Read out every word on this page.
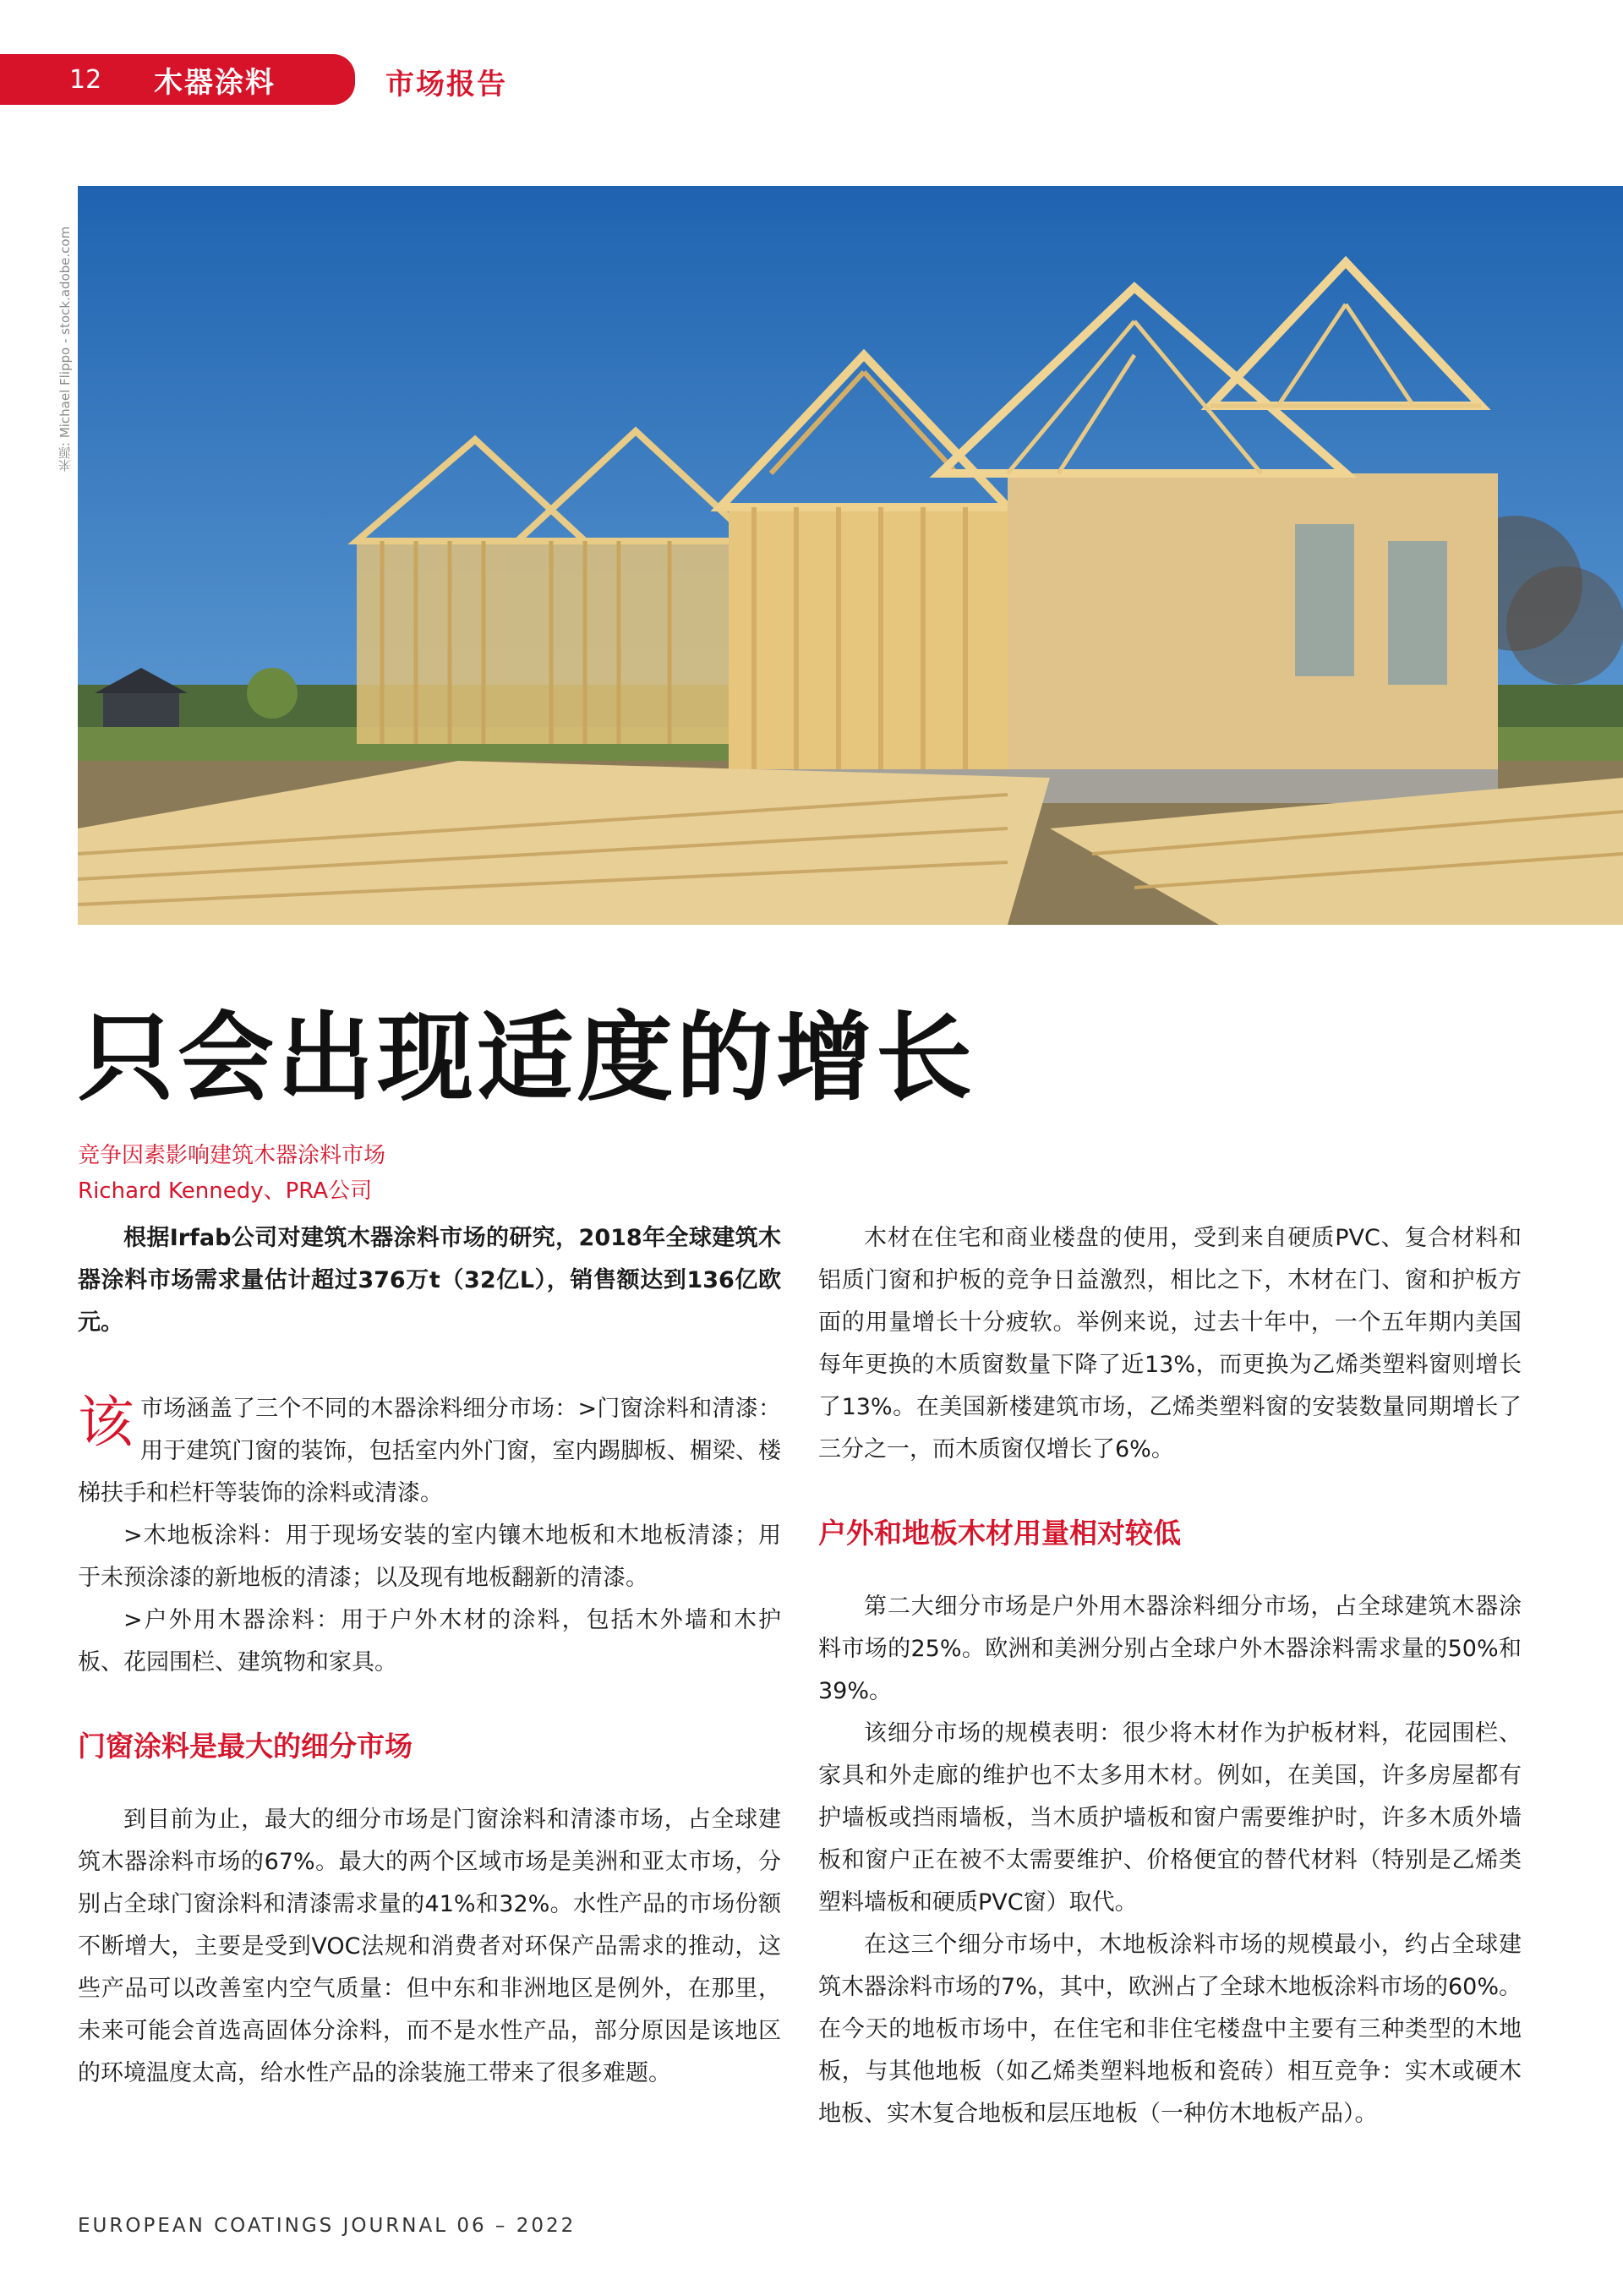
12	木器涂料	市场报告
来源: Michael Flippo - stock.adobe.com
只会出现适度的增长
竞争因素影响建筑木器涂料市场
Richard Kennedy、PRA公司

根据Irfab公司对建筑木器涂料市场的研究，2018年全球建筑木器涂料市场需求量估计超过376万t（32亿L），销售额达到136亿欧元。

该市场涵盖了三个不同的木器涂料细分市场：>门窗涂料和清漆：用于建筑门窗的装饰，包括室内外门窗，室内踢脚板、楣梁、楼梯扶手和栏杆等装饰的涂料或清漆。

>木地板涂料：用于现场安装的室内镶木地板和木地板清漆；用于未预涂漆的新地板的清漆；以及现有地板翻新的清漆。

>户外用木器涂料：用于户外木材的涂料，包括木外墙和木护板、花园围栏、建筑物和家具。

门窗涂料是最大的细分市场

到目前为止，最大的细分市场是门窗涂料和清漆市场，占全球建筑木器涂料市场的67%。最大的两个区域市场是美洲和亚太市场，分别占全球门窗涂料和清漆需求量的41%和32%。水性产品的市场份额不断增大，主要是受到VOC法规和消费者对环保产品需求的推动，这些产品可以改善室内空气质量：但中东和非洲地区是例外，在那里，未来可能会首选高固体分涂料，而不是水性产品，部分原因是该地区的环境温度太高，给水性产品的涂装施工带来了很多难题。

木材在住宅和商业楼盘的使用，受到来自硬质PVC、复合材料和铝质门窗和护板的竞争日益激烈，相比之下，木材在门、窗和护板方面的用量增长十分疲软。举例来说，过去十年中，一个五年期内美国每年更换的木质窗数量下降了近13%，而更换为乙烯类塑料窗则增长了13%。在美国新楼建筑市场，乙烯类塑料窗的安装数量同期增长了三分之一，而木质窗仅增长了6%。

户外和地板木材用量相对较低

第二大细分市场是户外用木器涂料细分市场，占全球建筑木器涂料市场的25%。欧洲和美洲分别占全球户外木器涂料需求量的50%和39%。

该细分市场的规模表明：很少将木材作为护板材料，花园围栏、家具和外走廊的维护也不太多用木材。例如，在美国，许多房屋都有护墙板或挡雨墙板，当木质护墙板和窗户需要维护时，许多木质外墙板和窗户正在被不太需要维护、价格便宜的替代材料（特别是乙烯类塑料墙板和硬质PVC窗）取代。

在这三个细分市场中，木地板涂料市场的规模最小，约占全球建筑木器涂料市场的7%，其中，欧洲占了全球木地板涂料市场的60%。在今天的地板市场中，在住宅和非住宅楼盘中主要有三种类型的木地板，与其他地板（如乙烯类塑料地板和瓷砖）相互竞争：实木或硬木地板、实木复合地板和层压地板（一种仿木地板产品）。

EUROPEAN COATINGS JOURNAL 06 – 2022
